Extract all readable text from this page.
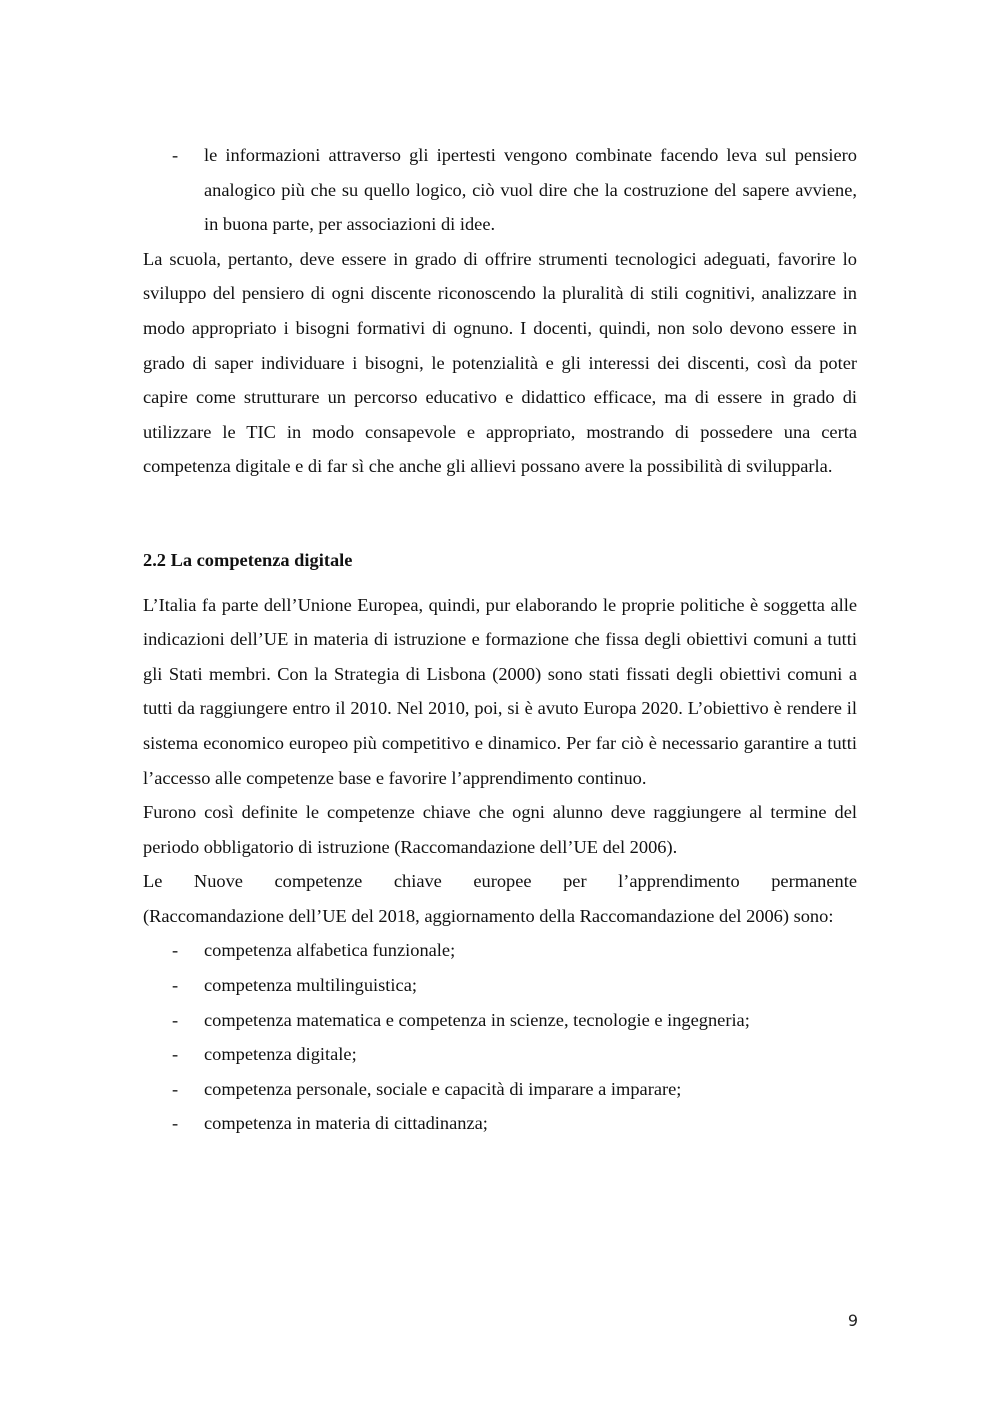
- le informazioni attraverso gli ipertesti vengono combinate facendo leva sul pensiero analogico più che su quello logico, ciò vuol dire che la costruzione del sapere avviene, in buona parte, per associazioni di idee.

La scuola, pertanto, deve essere in grado di offrire strumenti tecnologici adeguati, favorire lo sviluppo del pensiero di ogni discente riconoscendo la pluralità di stili cognitivi, analizzare in modo appropriato i bisogni formativi di ognuno. I docenti, quindi, non solo devono essere in grado di saper individuare i bisogni, le potenzialità e gli interessi dei discenti, così da poter capire come strutturare un percorso educativo e didattico efficace, ma di essere in grado di utilizzare le TIC in modo consapevole e appropriato, mostrando di possedere una certa competenza digitale e di far sì che anche gli allievi possano avere la possibilità di svilupparla.

2.2 La competenza digitale

L’Italia fa parte dell’Unione Europea, quindi, pur elaborando le proprie politiche è soggetta alle indicazioni dell’UE in materia di istruzione e formazione che fissa degli obiettivi comuni a tutti gli Stati membri. Con la Strategia di Lisbona (2000) sono stati fissati degli obiettivi comuni a tutti da raggiungere entro il 2010. Nel 2010, poi, si è avuto Europa 2020. L’obiettivo è rendere il sistema economico europeo più competitivo e dinamico. Per far ciò è necessario garantire a tutti l’accesso alle competenze base e favorire l’apprendimento continuo.

Furono così definite le competenze chiave che ogni alunno deve raggiungere al termine del periodo obbligatorio di istruzione (Raccomandazione dell’UE del 2006).

Le Nuove competenze chiave europee per l’apprendimento permanente

(Raccomandazione dell’UE del 2018, aggiornamento della Raccomandazione del 2006) sono:

- competenza alfabetica funzionale;
- competenza multilinguistica;
- competenza matematica e competenza in scienze, tecnologie e ingegneria;
- competenza digitale;
- competenza personale, sociale e capacità di imparare a imparare;
- competenza in materia di cittadinanza;
9
